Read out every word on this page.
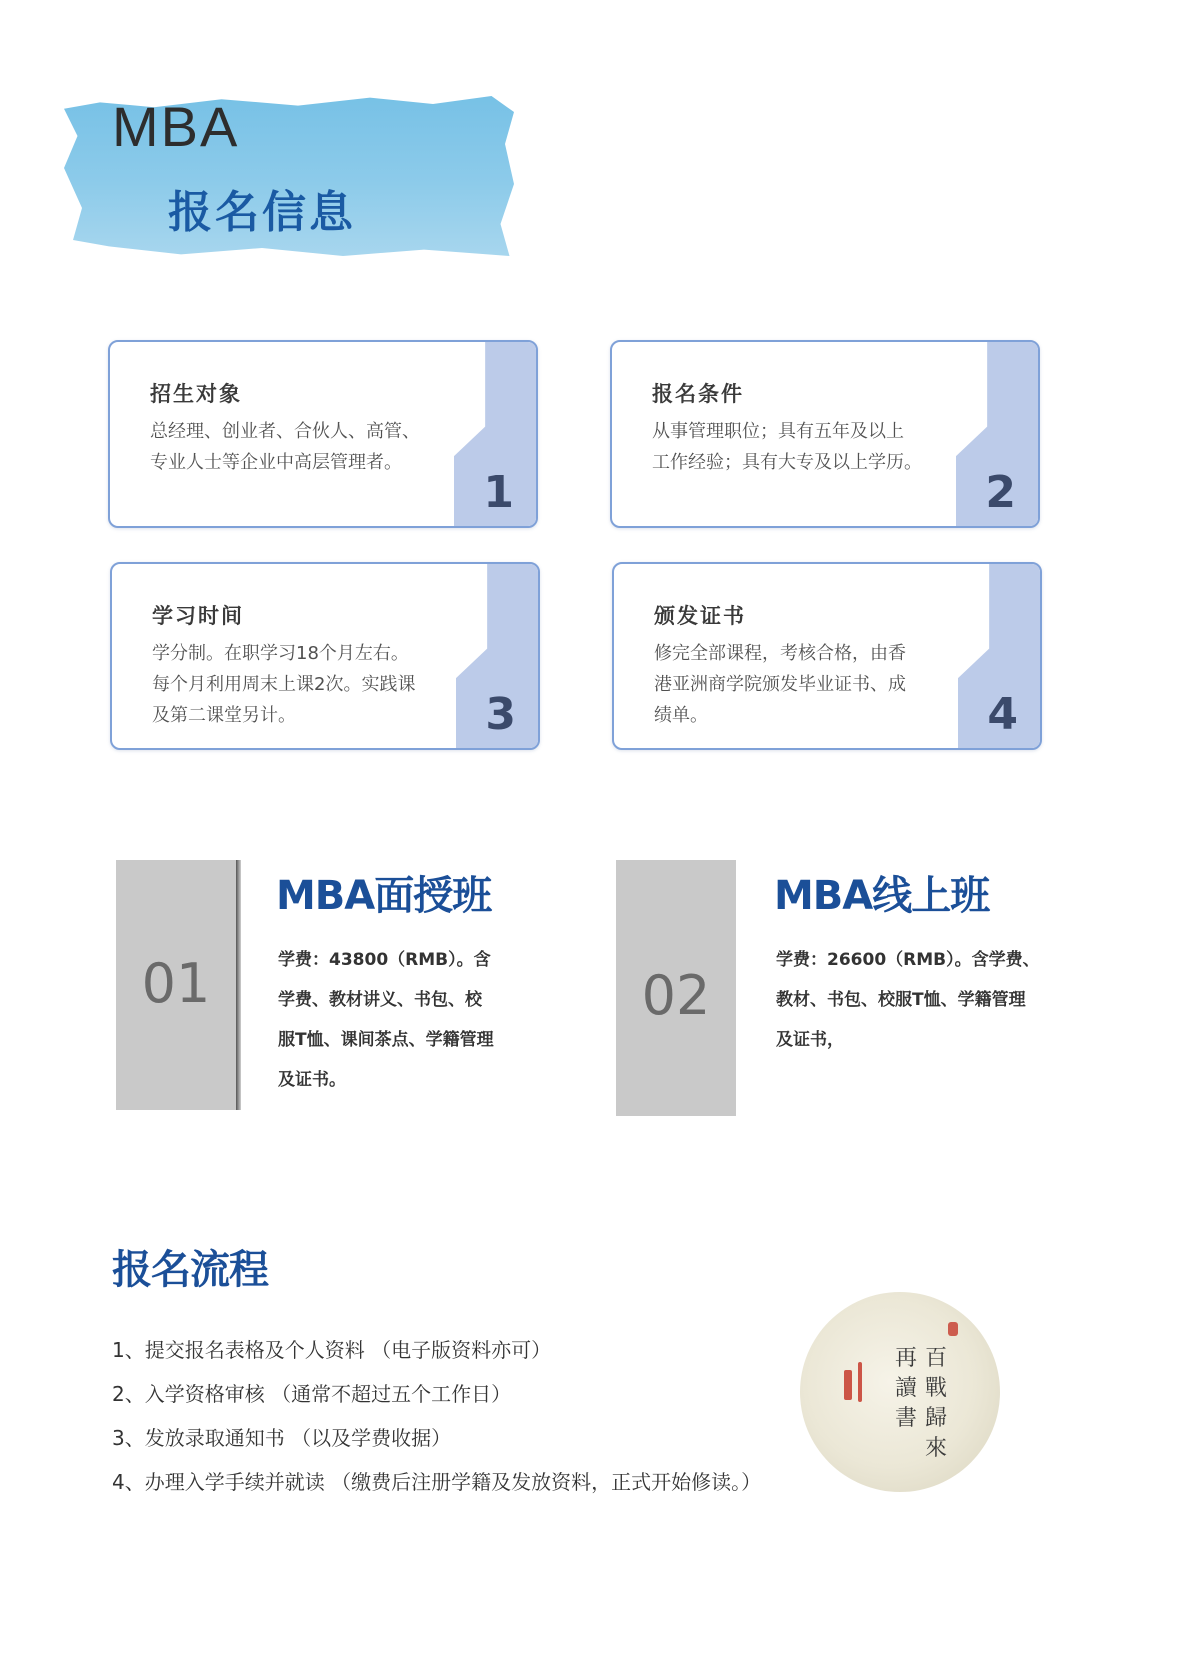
MBA
报名信息
1
招生对象
总经理、创业者、合伙人、高管、
专业人士等企业中高层管理者。
2
报名条件
从事管理职位；具有五年及以上
工作经验；具有大专及以上学历。
3
学习时间
学分制。在职学习18个月左右。
每个月利用周末上课2次。实践课
及第二课堂另计。	4
颁发证书
修完全部课程，考核合格，由香
港亚洲商学院颁发毕业证书、成
绩单。
01
MBA面授班
学费：43800（RMB）。含
学费、教材讲义、书包、校
服T恤、课间茶点、学籍管理
及证书。
02
MBA线上班
学费：26600（RMB）。含学费、
教材、书包、校服T恤、学籍管理
及证书，
报名流程
1、提交报名表格及个人资料 （电子版资料亦可）
2、入学资格审核 （通常不超过五个工作日）
3、发放录取通知书 （以及学费收据）
4、办理入学手续并就读 （缴费后注册学籍及发放资料，正式开始修读。）
再
讀
書
百
戰
歸
來
